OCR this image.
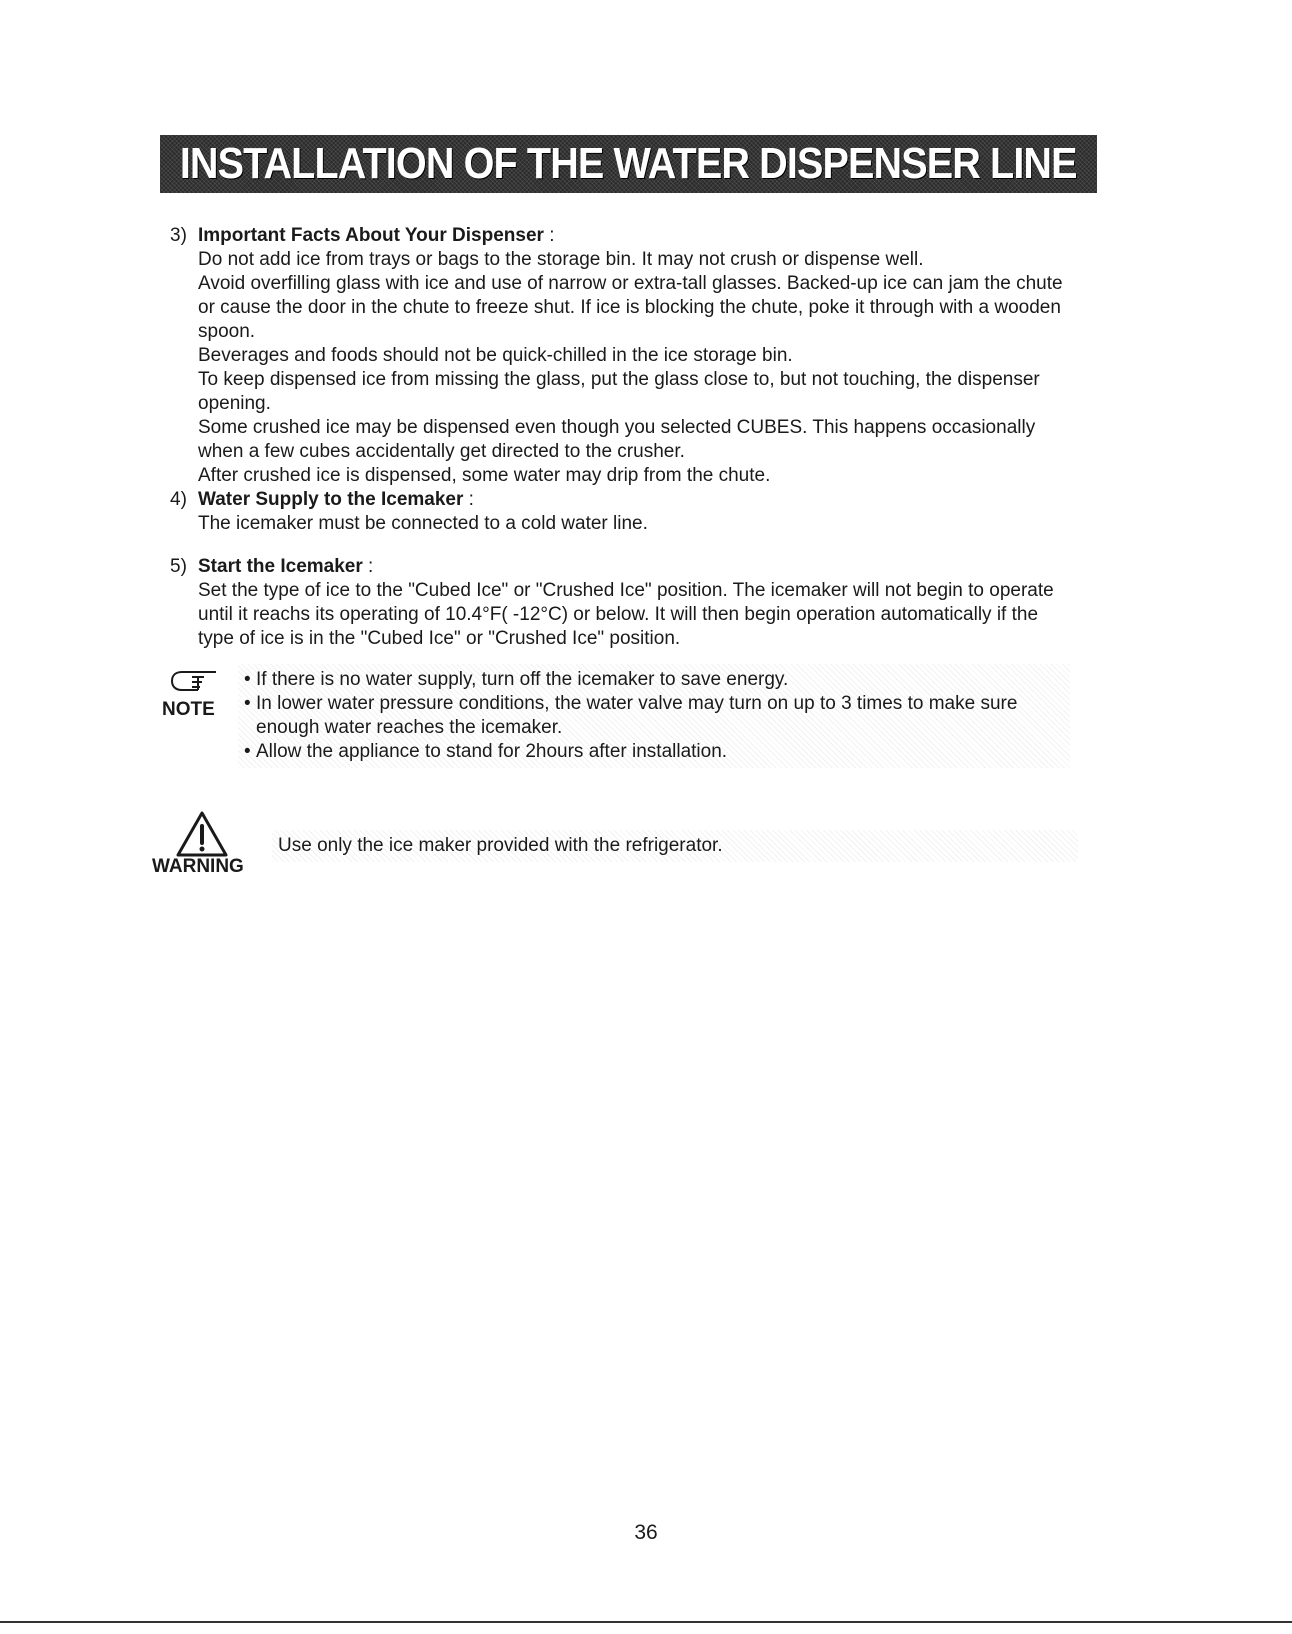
INSTALLATION OF THE WATER DISPENSER LINE
3) Important Facts About Your Dispenser :

Do not add ice from trays or bags to the storage bin. It may not crush or dispense well.

Avoid overfilling glass with ice and use of narrow or extra-tall glasses. Backed-up ice can jam the chute or cause the door in the chute to freeze shut. If ice is blocking the chute, poke it through with a wooden spoon.

Beverages and foods should not be quick-chilled in the ice storage bin.

To keep dispensed ice from missing the glass, put the glass close to, but not touching, the dispenser opening.

Some crushed ice may be dispensed even though you selected CUBES. This happens occasionally when a few cubes accidentally get directed to the crusher.

After crushed ice is dispensed, some water may drip from the chute.

4) Water Supply to the Icemaker :

The icemaker must be connected to a cold water line.

5) Start the Icemaker :

Set the type of ice to the "Cubed Ice" or "Crushed Ice" position. The icemaker will not begin to operate until it reachs its operating of 10.4°F( -12°C) or below. It will then begin operation automatically if the type of ice is in the "Cubed Ice" or "Crushed Ice" position.

NOTE
• If there is no water supply, turn off the icemaker to save energy.
• In lower water pressure conditions, the water valve may turn on up to 3 times to make sure enough water reaches the icemaker.
• Allow the appliance to stand for 2hours after installation.
WARNING
Use only the ice maker provided with the refrigerator.
36
